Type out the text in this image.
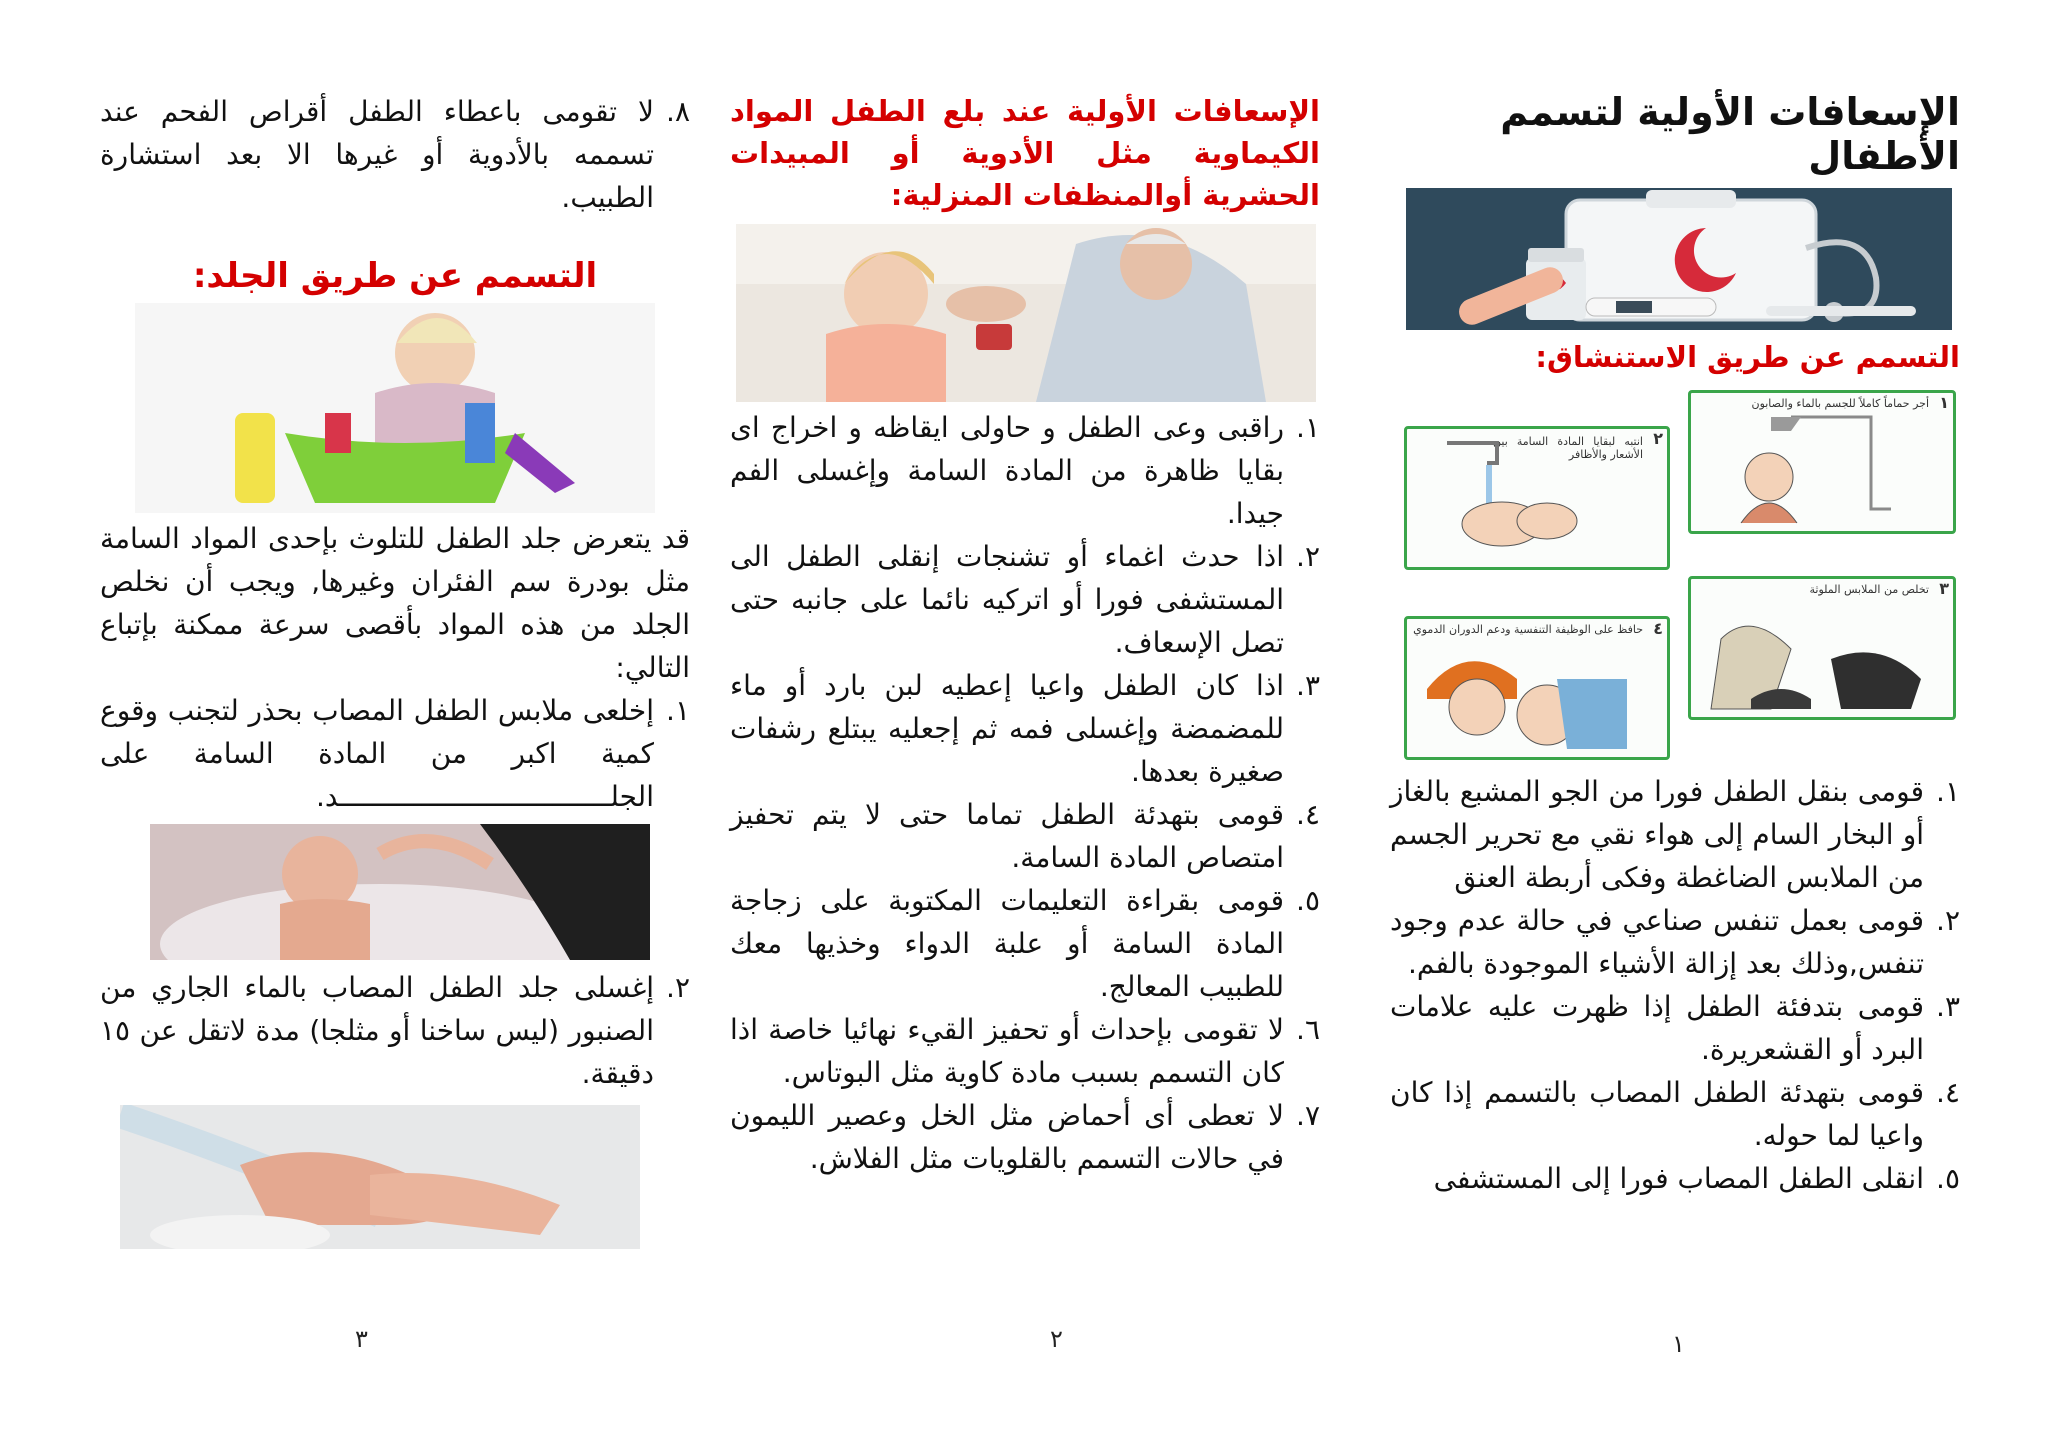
الإسعافات الأولية لتسمم الأطفال
التسمم عن طريق الاستنشاق:
١
أجر حماماً كاملاً للجسم بالماء والصابون
٢
انتبه لبقايا المادة السامة بين الأشعار والأظافر
٣
تخلص من الملابس الملوثة
٤
حافظ على الوظيفة التنفسية ودعم الدوران الدموي
١.
قومى بنقل الطفل فورا من الجو المشبع بالغاز أو البخار السام إلى هواء نقي مع تحرير الجسم من الملابس الضاغطة وفكى أربطة العنق
٢.
قومى بعمل تنفس صناعي في حالة عدم وجود تنفس,وذلك بعد إزالة الأشياء الموجودة بالفم.
٣.
قومى بتدفئة الطفل إذا ظهرت عليه علامات البرد أو القشعريرة.
٤.
قومى بتهدئة الطفل المصاب بالتسمم إذا كان واعيا لما حوله.
٥.
انقلى الطفل المصاب فورا إلى المستشفى
١
الإسعافات الأولية عند بلع الطفل المواد الكيماوية مثل الأدوية أو المبيدات الحشرية أوالمنظفات المنزلية:
١.
راقبى وعى الطفل و حاولى ايقاظه و اخراج اى بقايا ظاهرة من المادة السامة وإغسلى الفم جيدا.
٢.
اذا حدث اغماء أو تشنجات إنقلى الطفل الى المستشفى فورا أو اتركيه نائما على جانبه حتى تصل الإسعاف.
٣.
اذا كان الطفل واعيا إعطيه لبن بارد أو ماء للمضمضة وإغسلى فمه ثم إجعليه يبتلع رشفات صغيرة بعدها.
٤.
قومى بتهدئة الطفل تماما حتى لا يتم تحفيز امتصاص المادة السامة.
٥.
قومى بقراءة التعليمات المكتوبة على زجاجة المادة السامة أو علبة الدواء وخذيها معك للطبيب المعالج.
٦.
لا تقومى بإحداث أو تحفيز القيء نهائيا خاصة اذا كان التسمم بسبب مادة كاوية مثل البوتاس.
٧.
لا تعطى أى أحماض مثل الخل وعصير الليمون في حالات التسمم بالقلويات مثل الفلاش.
٢
٨.
لا تقومى باعطاء الطفل أقراص الفحم عند تسممه بالأدوية أو غيرها الا بعد استشارة الطبيب.
التسمم عن طريق الجلد:

قد يتعرض جلد الطفل للتلوث بإحدى المواد السامة مثل بودرة سم الفئران وغيرها, ويجب أن نخلص الجلد من هذه المواد بأقصى سرعة ممكنة بإتباع التالي:

١.
إخلعى ملابس الطفل المصاب بحذر لتجنب وقوع كمية اكبر من المادة السامة على الجلـــــــــــــــــــــــــــــــــد.
٢.
إغسلى جلد الطفل المصاب بالماء الجاري من الصنبور (ليس ساخنا أو مثلجا) مدة لاتقل عن ١٥ دقيقة.
٣
